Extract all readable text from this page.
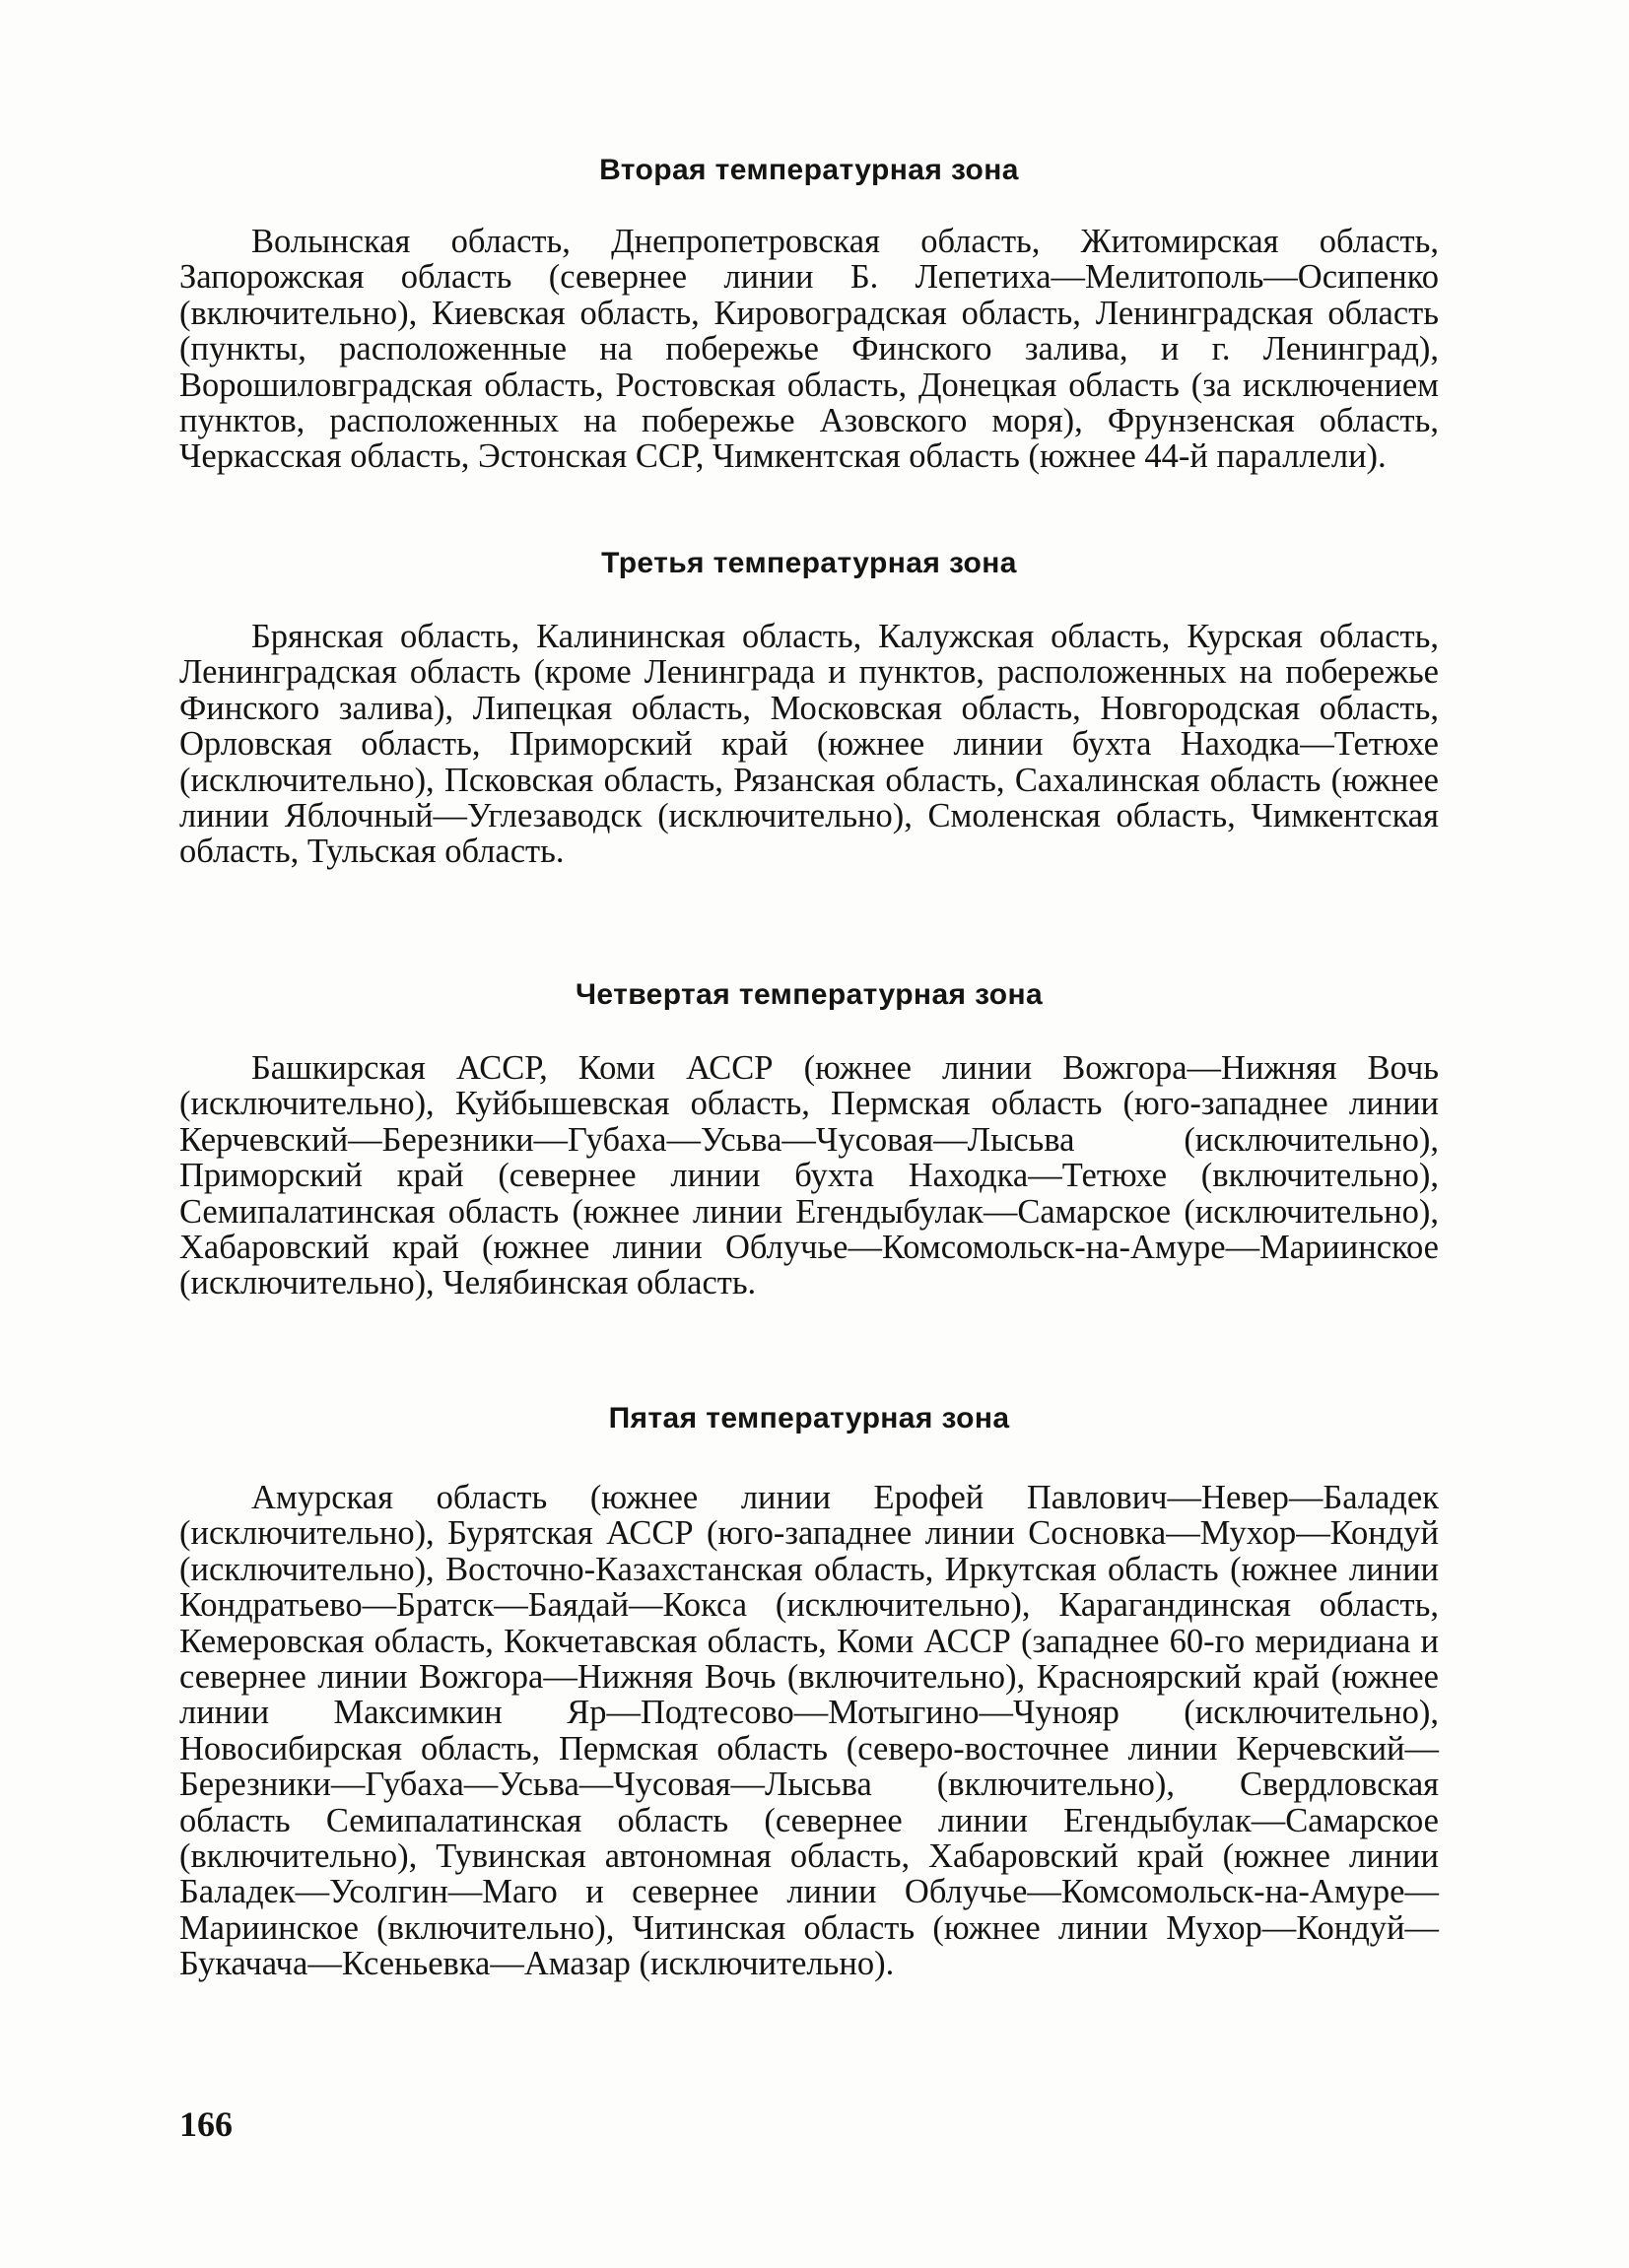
Вторая температурная зона

Волынская область, Днепропетровская область, Житомирская область, Запорожская область (севернее линии Б. Лепетиха—Мелитополь—Осипенко (включительно), Киевская область, Кировоградская область, Ленинградская область (пункты, расположенные на побережье Финского залива, и г. Ленинград), Ворошиловградская область, Ростовская область, Донецкая область (за исключением пунктов, расположенных на побережье Азовского моря), Фрунзенская область, Черкасская область, Эстонская ССР, Чимкентская область (южнее 44-й параллели).

Третья температурная зона

Брянская область, Калининская область, Калужская область, Курская область, Ленинградская область (кроме Ленинграда и пунктов, расположенных на побережье Финского залива), Липецкая область, Московская область, Новгородская область, Орловская область, Приморский край (южнее линии бухта Находка—Тетюхе (исключительно), Псковская область, Рязанская область, Сахалинская область (южнее линии Яблочный—Углезаводск (исключительно), Смоленская область, Чимкентская область, Тульская область.

Четвертая температурная зона

Башкирская АССР, Коми АССР (южнее линии Вожгора—Нижняя Вочь (исключительно), Куйбышевская область, Пермская область (юго-западнее линии Керчевский—Березники—Губаха—Усьва—Чусовая—Лысьва (исключительно), Приморский край (севернее линии бухта Находка—Тетюхе (включительно), Семипалатинская область (южнее линии Егендыбулак—Самарское (исключительно), Хабаровский край (южнее линии Облучье—Комсомольск-на-Амуре—Мариинское (исключительно), Челябинская область.

Пятая температурная зона

Амурская область (южнее линии Ерофей Павлович—Невер—Баладек (исключительно), Бурятская АССР (юго-западнее линии Сосновка—Мухор—Кондуй (исключительно), Восточно-Казахстанская область, Иркутская область (южнее линии Кондратьево—Братск—Баядай—Кокса (исключительно), Карагандинская область, Кемеровская область, Кокчетавская область, Коми АССР (западнее 60-го меридиана и севернее линии Вожгора—Нижняя Вочь (включительно), Красноярский край (южнее линии Максимкин Яр—Подтесово—Мотыгино—Чунояр (исключительно), Новосибирская область, Пермская область (северо-восточнее линии Керчевский—Березники—Губаха—Усьва—Чусовая—Лысьва (включительно), Свердловская область Семипалатинская область (севернее линии Егендыбулак—Самарское (включительно), Тувинская автономная область, Хабаровский край (южнее линии Баладек—Усолгин—Маго и севернее линии Облучье—Комсомольск-на-Амуре—Мариинское (включительно), Читинская область (южнее линии Мухор—Кондуй—Букачача—Ксеньевка—Амазар (исключительно).

166
